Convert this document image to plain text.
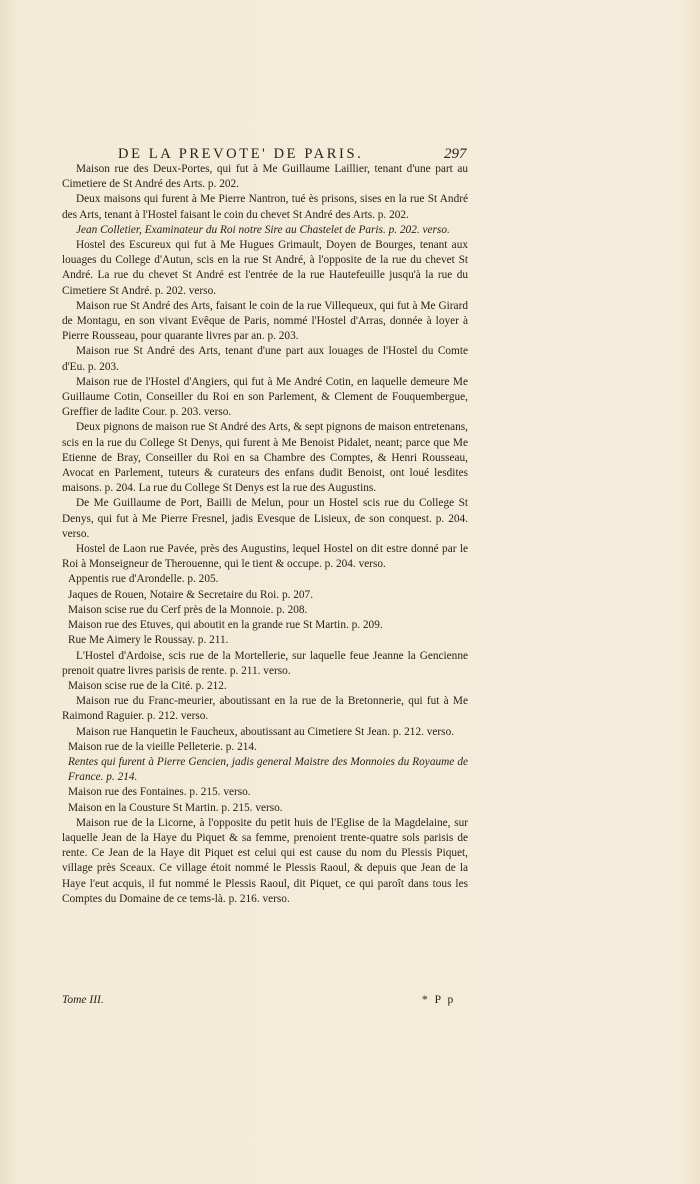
DE LA PREVOTE' DE PARIS.	297

Maison rue des Deux-Portes, qui fut à Me Guillaume Laillier, tenant d'une part au Cimetiere de St André des Arts. p. 202.

Deux maisons qui furent à Me Pierre Nantron, tué ès prisons, sises en la rue St André des Arts, tenant à l'Hostel faisant le coin du chevet St André des Arts. p. 202.

Jean Colletier, Examinateur du Roi notre Sire au Chastelet de Paris. p. 202. verso.

Hostel des Escureux qui fut à Me Hugues Grimault, Doyen de Bourges, tenant aux louages du College d'Autun, scis en la rue St André, à l'opposite de la rue du chevet St André. La rue du chevet St André est l'entrée de la rue Hautefeuille jusqu'à la rue du Cimetiere St André. p. 202. verso.

Maison rue St André des Arts, faisant le coin de la rue Villequeux, qui fut à Me Girard de Montagu, en son vivant Evêque de Paris, nommé l'Hostel d'Arras, donnée à loyer à Pierre Rousseau, pour quarante livres par an. p. 203.

Maison rue St André des Arts, tenant d'une part aux louages de l'Hostel du Comte d'Eu. p. 203.

Maison rue de l'Hostel d'Angiers, qui fut à Me André Cotin, en laquelle demeure Me Guillaume Cotin, Conseiller du Roi en son Parlement, & Clement de Fouquembergue, Greffier de ladite Cour. p. 203. verso.

Deux pignons de maison rue St André des Arts, & sept pignons de maison entretenans, scis en la rue du College St Denys, qui furent à Me Benoist Pidalet, neant; parce que Me Etienne de Bray, Conseiller du Roi en sa Chambre des Comptes, & Henri Rousseau, Avocat en Parlement, tuteurs & curateurs des enfans dudit Benoist, ont loué lesdites maisons. p. 204. La rue du College St Denys est la rue des Augustins.

De Me Guillaume de Port, Bailli de Melun, pour un Hostel scis rue du College St Denys, qui fut à Me Pierre Fresnel, jadis Evesque de Lisieux, de son conquest. p. 204. verso.

Hostel de Laon rue Pavée, près des Augustins, lequel Hostel on dit estre donné par le Roi à Monseigneur de Therouenne, qui le tient & occupe. p. 204. verso.

Appentis rue d'Arondelle. p. 205.

Jaques de Rouen, Notaire & Secretaire du Roi. p. 207.

Maison scise rue du Cerf près de la Monnoie. p. 208.

Maison rue des Etuves, qui aboutit en la grande rue St Martin. p. 209.

Rue Me Aimery le Roussay. p. 211.

L'Hostel d'Ardoise, scis rue de la Mortellerie, sur laquelle feue Jeanne la Gencienne prenoit quatre livres parisis de rente. p. 211. verso.

Maison scise rue de la Cité. p. 212.

Maison rue du Franc-meurier, aboutissant en la rue de la Bretonnerie, qui fut à Me Raimond Raguier. p. 212. verso.

Maison rue Hanquetin le Faucheux, aboutissant au Cimetiere St Jean. p. 212. verso.

Maison rue de la vieille Pelleterie. p. 214.

Rentes qui furent à Pierre Gencien, jadis general Maistre des Monnoies du Royaume de France. p. 214.

Maison rue des Fontaines. p. 215. verso.

Maison en la Cousture St Martin. p. 215. verso.

Maison rue de la Licorne, à l'opposite du petit huis de l'Eglise de la Magdelaine, sur laquelle Jean de la Haye du Piquet & sa femme, prenoient trente-quatre sols parisis de rente. Ce Jean de la Haye dit Piquet est celui qui est cause du nom du Plessis Piquet, village près Sceaux. Ce village étoit nommé le Plessis Raoul, & depuis que Jean de la Haye l'eut acquis, il fut nommé le Plessis Raoul, dit Piquet, ce qui paroît dans tous les Comptes du Domaine de ce tems-là. p. 216. verso.

Tome III.	* P p
